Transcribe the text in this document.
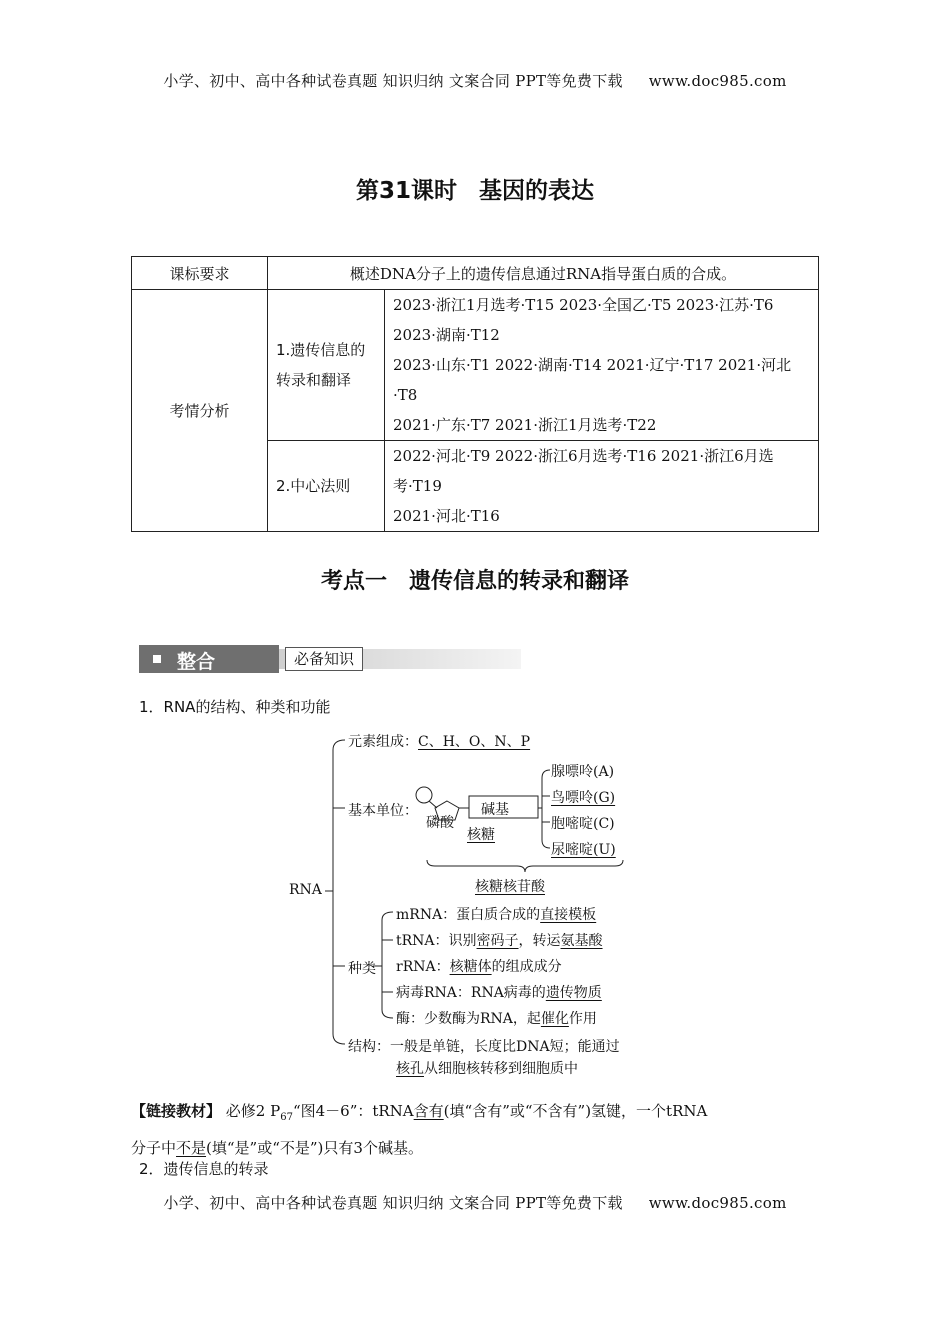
小学、初中、高中各种试卷真题 知识归纳 文案合同 PPT等免费下载 www.doc985.com
第31课时 基因的表达
课标要求	概述DNA分子上的遗传信息通过RNA指导蛋白质的合成。	
考情分析	1.遗传信息的转录和翻译	2023·浙江1月选考·T15 2023·全国乙·T5 2023·江苏·T6
2023·湖南·T12
2023·山东·T1 2022·湖南·T14 2021·辽宁·T17 2021·河北
·T8
2021·广东·T7 2021·浙江1月选考·T22

	2.中心法则	2022·河北·T9 2022·浙江6月选考·T16 2021·浙江6月选
考·T19
2021·河北·T16
考点一 遗传信息的转录和翻译
整合	必备知识
1．RNA的结构、种类和功能
RNA
元素组成：C、H、O、N、P
基本单位：
磷酸
碱基
核糖
腺嘌呤(A)
鸟嘌呤(G)
胞嘧啶(C)
尿嘧啶(U)
核糖核苷酸
种类
mRNA：蛋白质合成的直接模板
tRNA：识别密码子，转运氨基酸
rRNA：核糖体的组成成分
病毒RNA：RNA病毒的遗传物质
酶：少数酶为RNA，起催化作用
结构：一般是单链，长度比DNA短；能通过
核孔从细胞核转移到细胞质中
【链接教材】 必修2 $P_{67}“$图4－6”：tRNA含有(填“含有”或“不含有”)氢键，一个tRNA
分子中不是(填“是”或“不是”)只有3个碱基。
2．遗传信息的转录
小学、初中、高中各种试卷真题 知识归纳 文案合同 PPT等免费下载 www.doc985.com
